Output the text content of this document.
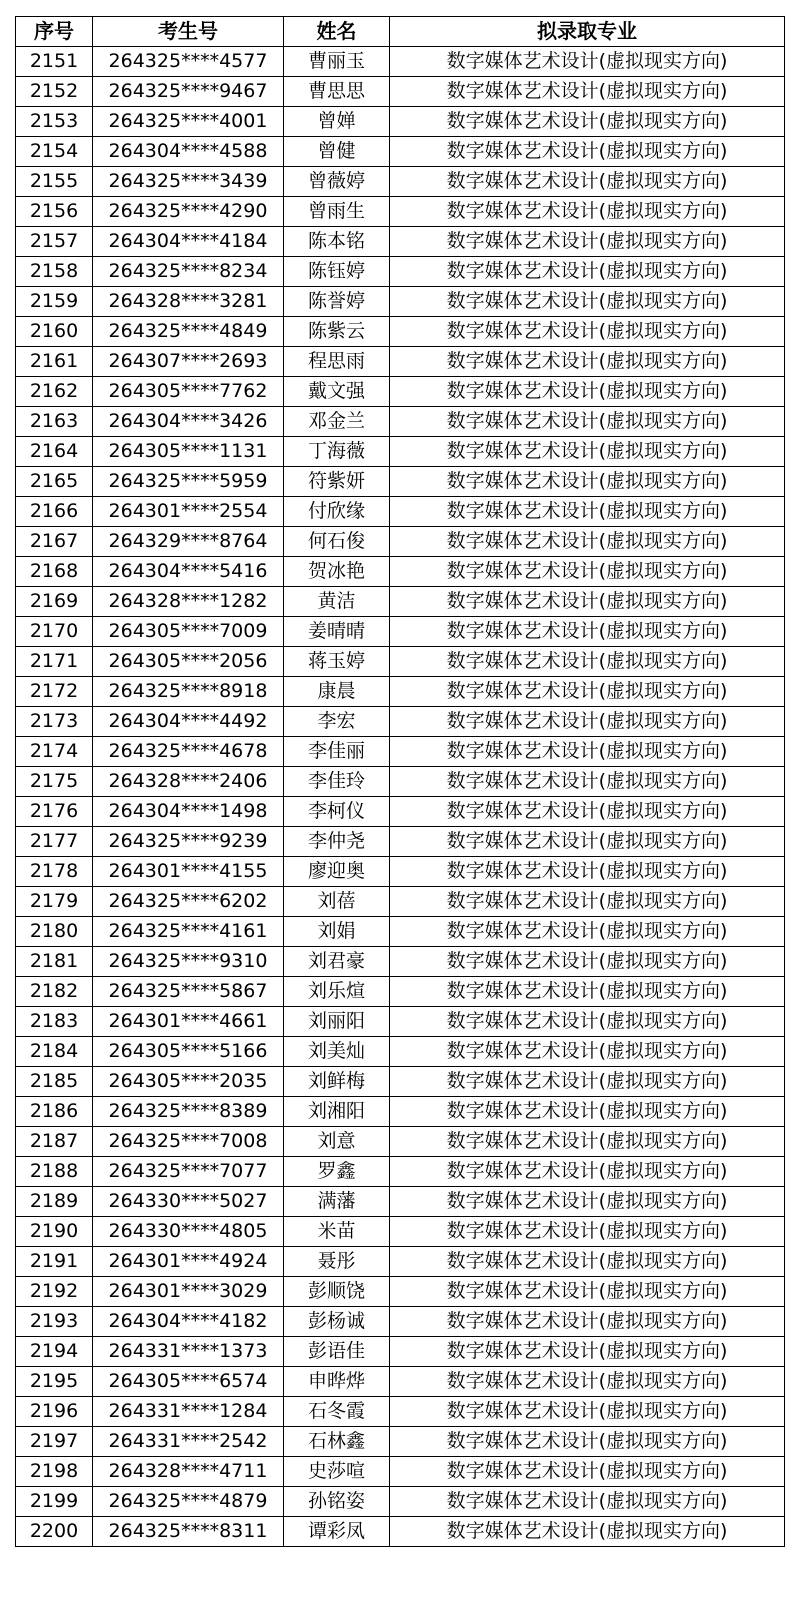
序号	考生号	姓名	拟录取专业
2151	264325****4577	曹丽玉	数字媒体艺术设计(虚拟现实方向)
2152	264325****9467	曹思思	数字媒体艺术设计(虚拟现实方向)
2153	264325****4001	曾婵	数字媒体艺术设计(虚拟现实方向)
2154	264304****4588	曾健	数字媒体艺术设计(虚拟现实方向)
2155	264325****3439	曾薇婷	数字媒体艺术设计(虚拟现实方向)
2156	264325****4290	曾雨生	数字媒体艺术设计(虚拟现实方向)
2157	264304****4184	陈本铭	数字媒体艺术设计(虚拟现实方向)
2158	264325****8234	陈钰婷	数字媒体艺术设计(虚拟现实方向)
2159	264328****3281	陈誉婷	数字媒体艺术设计(虚拟现实方向)
2160	264325****4849	陈紫云	数字媒体艺术设计(虚拟现实方向)
2161	264307****2693	程思雨	数字媒体艺术设计(虚拟现实方向)
2162	264305****7762	戴文强	数字媒体艺术设计(虚拟现实方向)
2163	264304****3426	邓金兰	数字媒体艺术设计(虚拟现实方向)
2164	264305****1131	丁海薇	数字媒体艺术设计(虚拟现实方向)
2165	264325****5959	符紫妍	数字媒体艺术设计(虚拟现实方向)
2166	264301****2554	付欣缘	数字媒体艺术设计(虚拟现实方向)
2167	264329****8764	何石俊	数字媒体艺术设计(虚拟现实方向)
2168	264304****5416	贺冰艳	数字媒体艺术设计(虚拟现实方向)
2169	264328****1282	黄洁	数字媒体艺术设计(虚拟现实方向)
2170	264305****7009	姜晴晴	数字媒体艺术设计(虚拟现实方向)
2171	264305****2056	蒋玉婷	数字媒体艺术设计(虚拟现实方向)
2172	264325****8918	康晨	数字媒体艺术设计(虚拟现实方向)
2173	264304****4492	李宏	数字媒体艺术设计(虚拟现实方向)
2174	264325****4678	李佳丽	数字媒体艺术设计(虚拟现实方向)
2175	264328****2406	李佳玲	数字媒体艺术设计(虚拟现实方向)
2176	264304****1498	李柯仪	数字媒体艺术设计(虚拟现实方向)
2177	264325****9239	李仲尧	数字媒体艺术设计(虚拟现实方向)
2178	264301****4155	廖迎奥	数字媒体艺术设计(虚拟现实方向)
2179	264325****6202	刘蓓	数字媒体艺术设计(虚拟现实方向)
2180	264325****4161	刘娟	数字媒体艺术设计(虚拟现实方向)
2181	264325****9310	刘君豪	数字媒体艺术设计(虚拟现实方向)
2182	264325****5867	刘乐煊	数字媒体艺术设计(虚拟现实方向)
2183	264301****4661	刘丽阳	数字媒体艺术设计(虚拟现实方向)
2184	264305****5166	刘美灿	数字媒体艺术设计(虚拟现实方向)
2185	264305****2035	刘鲜梅	数字媒体艺术设计(虚拟现实方向)
2186	264325****8389	刘湘阳	数字媒体艺术设计(虚拟现实方向)
2187	264325****7008	刘意	数字媒体艺术设计(虚拟现实方向)
2188	264325****7077	罗鑫	数字媒体艺术设计(虚拟现实方向)
2189	264330****5027	满藩	数字媒体艺术设计(虚拟现实方向)
2190	264330****4805	米苗	数字媒体艺术设计(虚拟现实方向)
2191	264301****4924	聂彤	数字媒体艺术设计(虚拟现实方向)
2192	264301****3029	彭顺饶	数字媒体艺术设计(虚拟现实方向)
2193	264304****4182	彭杨诚	数字媒体艺术设计(虚拟现实方向)
2194	264331****1373	彭语佳	数字媒体艺术设计(虚拟现实方向)
2195	264305****6574	申晔烨	数字媒体艺术设计(虚拟现实方向)
2196	264331****1284	石冬霞	数字媒体艺术设计(虚拟现实方向)
2197	264331****2542	石林鑫	数字媒体艺术设计(虚拟现实方向)
2198	264328****4711	史莎喧	数字媒体艺术设计(虚拟现实方向)
2199	264325****4879	孙铭姿	数字媒体艺术设计(虚拟现实方向)
2200	264325****8311	谭彩凤	数字媒体艺术设计(虚拟现实方向)
